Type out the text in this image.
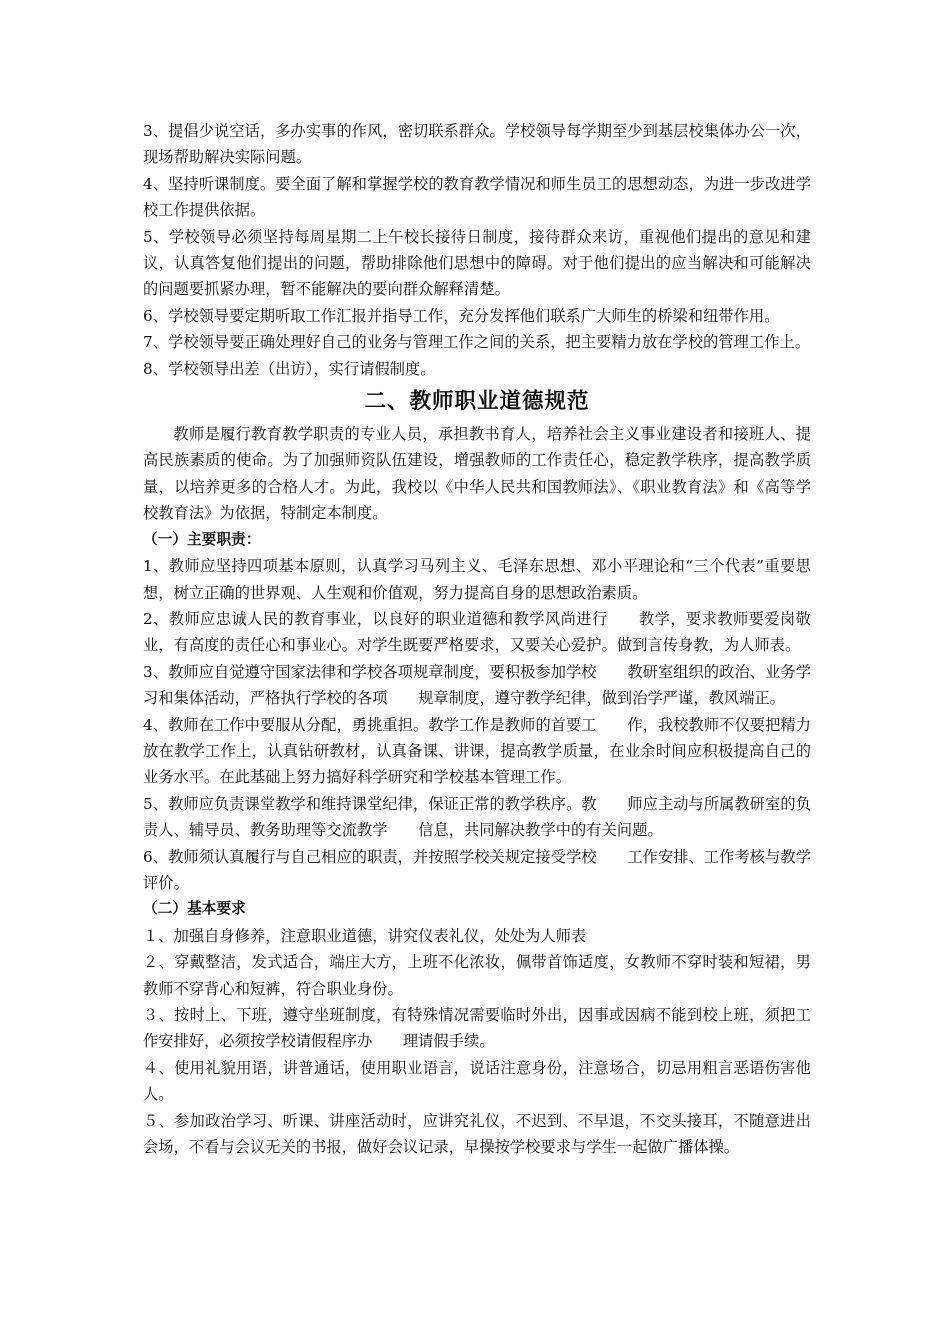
3、提倡少说空话，多办实事的作风，密切联系群众。学校领导每学期至少到基层校集体办公一次，现场帮助解决实际问题。

4、坚持听课制度。要全面了解和掌握学校的教育教学情况和师生员工的思想动态，为进一步改进学校工作提供依据。

5、学校领导必须坚持每周星期二上午校长接待日制度，接待群众来访，重视他们提出的意见和建议，认真答复他们提出的问题，帮助排除他们思想中的障碍。对于他们提出的应当解决和可能解决的问题要抓紧办理，暂不能解决的要向群众解释清楚。

6、学校领导要定期听取工作汇报并指导工作，充分发挥他们联系广大师生的桥梁和纽带作用。

7、学校领导要正确处理好自己的业务与管理工作之间的关系，把主要精力放在学校的管理工作上。

8、学校领导出差（出访），实行请假制度。

二、教师职业道德规范

教师是履行教育教学职责的专业人员，承担教书育人，培养社会主义事业建设者和接班人、提高民族素质的使命。为了加强师资队伍建设，增强教师的工作责任心，稳定教学秩序，提高教学质量，以培养更多的合格人才。为此，我校以《中华人民共和国教师法》、《职业教育法》和《高等学校教育法》为依据，特制定本制度。

（一）主要职责：

1、教师应坚持四项基本原则，认真学习马列主义、毛泽东思想、邓小平理论和“三个代表”重要思想，树立正确的世界观、人生观和价值观，努力提高自身的思想政治素质。

2、教师应忠诚人民的教育事业，以良好的职业道德和教学风尚进行　　教学，要求教师要爱岗敬业，有高度的责任心和事业心。对学生既要严格要求，又要关心爱护。做到言传身教，为人师表。

3、教师应自觉遵守国家法律和学校各项规章制度，要积极参加学校　　教研室组织的政治、业务学习和集体活动，严格执行学校的各项　　规章制度，遵守教学纪律，做到治学严谨，教风端正。

4、教师在工作中要服从分配，勇挑重担。教学工作是教师的首要工　　作，我校教师不仅要把精力放在教学工作上，认真钻研教材，认真备课、讲课，提高教学质量，在业余时间应积极提高自己的业务水平。在此基础上努力搞好科学研究和学校基本管理工作。

5、教师应负责课堂教学和维持课堂纪律，保证正常的教学秩序。教　　师应主动与所属教研室的负责人、辅导员、教务助理等交流教学　　信息，共同解决教学中的有关问题。

6、教师须认真履行与自己相应的职责，并按照学校关规定接受学校　　工作安排、工作考核与教学评价。

（二）基本要求

１、加强自身修养，注意职业道德，讲究仪表礼仪，处处为人师表

２、穿戴整洁，发式适合，端庄大方，上班不化浓妆，佩带首饰适度，女教师不穿时装和短裙，男教师不穿背心和短裤，符合职业身份。

３、按时上、下班，遵守坐班制度，有特殊情况需要临时外出，因事或因病不能到校上班，须把工作安排好，必须按学校请假程序办　　理请假手续。

４、使用礼貌用语，讲普通话，使用职业语言，说话注意身份，注意场合，切忌用粗言恶语伤害他人。

５、参加政治学习、听课、讲座活动时，应讲究礼仪，不迟到、不早退，不交头接耳，不随意进出会场，不看与会议无关的书报，做好会议记录，早操按学校要求与学生一起做广播体操。
